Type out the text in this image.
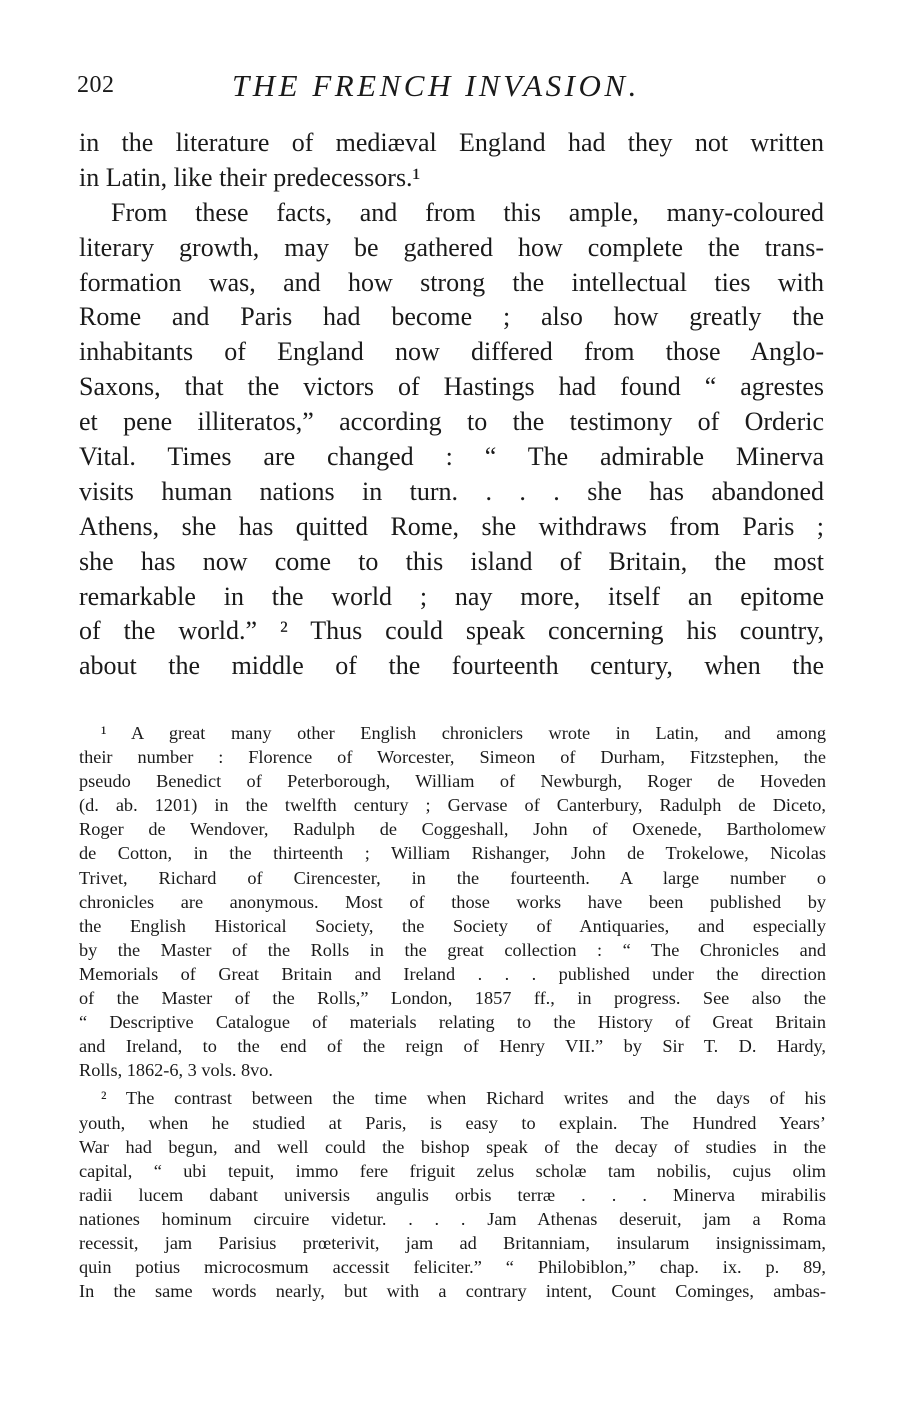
202	THE FRENCH INVASION.
in the literature of mediæval England had they not written
in Latin, like their predecessors.¹
From these facts, and from this ample, many-coloured
literary growth, may be gathered how complete the trans-
formation was, and how strong the intellectual ties with
Rome and Paris had become ; also how greatly the
inhabitants of England now differed from those Anglo-
Saxons, that the victors of Hastings had found “ agrestes
et pene illiteratos,” according to the testimony of Orderic
Vital. Times are changed : “ The admirable Minerva
visits human nations in turn. . . . she has abandoned
Athens, she has quitted Rome, she withdraws from Paris ;
she has now come to this island of Britain, the most
remarkable in the world ; nay more, itself an epitome
of the world.” ² Thus could speak concerning his country,
about the middle of the fourteenth century, when the
¹ A great many other English chroniclers wrote in Latin, and among
their number : Florence of Worcester, Simeon of Durham, Fitzstephen, the
pseudo Benedict of Peterborough, William of Newburgh, Roger de Hoveden
(d. ab. 1201) in the twelfth century ; Gervase of Canterbury, Radulph de Diceto,
Roger de Wendover, Radulph de Coggeshall, John of Oxenede, Bartholomew
de Cotton, in the thirteenth ; William Rishanger, John de Trokelowe, Nicolas
Trivet, Richard of Cirencester, in the fourteenth. A large number o
chronicles are anonymous. Most of those works have been published by
the English Historical Society, the Society of Antiquaries, and especially
by the Master of the Rolls in the great collection : “ The Chronicles and
Memorials of Great Britain and Ireland . . . published under the direction
of the Master of the Rolls,” London, 1857 ff., in progress. See also the
“ Descriptive Catalogue of materials relating to the History of Great Britain
and Ireland, to the end of the reign of Henry VII.” by Sir T. D. Hardy,
Rolls, 1862-6, 3 vols. 8vo.
² The contrast between the time when Richard writes and the days of his
youth, when he studied at Paris, is easy to explain. The Hundred Years’
War had begun, and well could the bishop speak of the decay of studies in the
capital, “ ubi tepuit, immo fere friguit zelus scholæ tam nobilis, cujus olim
radii lucem dabant universis angulis orbis terræ . . . Minerva mirabilis
nationes hominum circuire videtur. . . . Jam Athenas deseruit, jam a Roma
recessit, jam Parisius prœterivit, jam ad Britanniam, insularum insignissimam,
quin potius microcosmum accessit feliciter.” “ Philobiblon,” chap. ix. p. 89,
In the same words nearly, but with a contrary intent, Count Cominges, ambas-
